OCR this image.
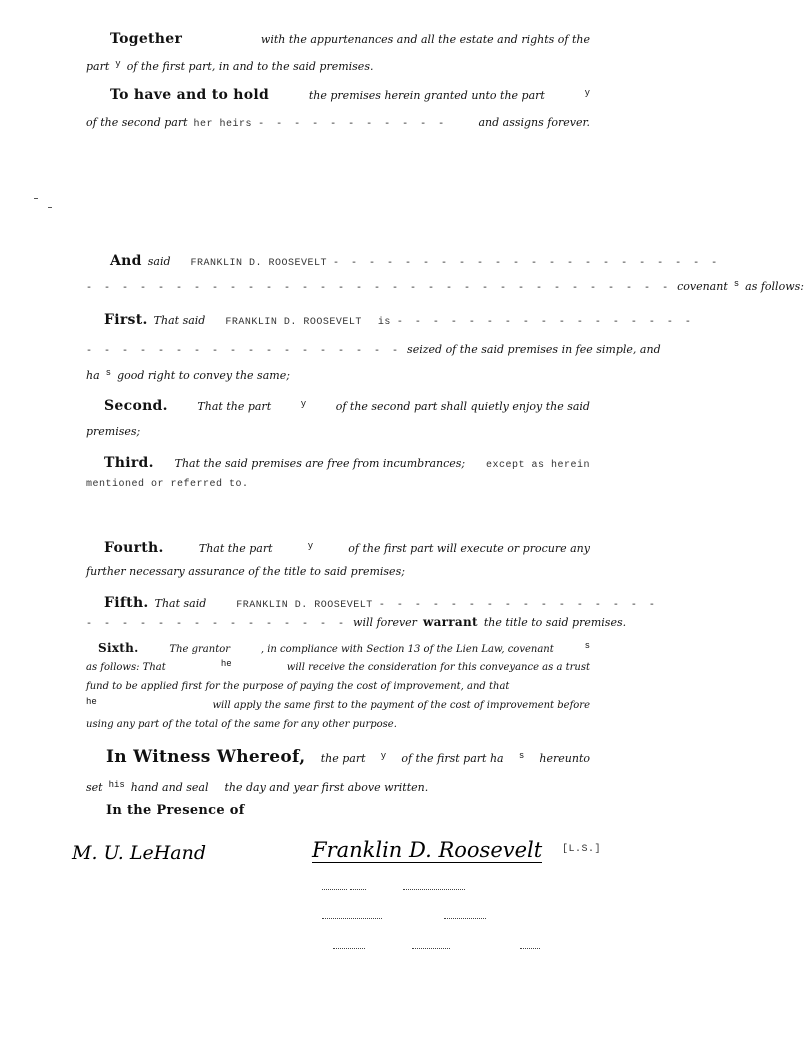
Together	with the appurtenances and all the estate and rights of the
part y of the first part, in and to the said premises.
To have and to hold	the premises herein granted unto the part	y
of the second part her heirs - - - - - - - - - - -	and assigns forever.
And said FRANKLIN D. ROOSEVELT - - - - - - - - - - - - - - - - - - - - - -
- - - - - - - - - - - - - - - - - - - - - - - - - - - - - - - - - covenant s as follows:
First. That said FRANKLIN D. ROOSEVELT is - - - - - - - - - - - - - - - - -
- - - - - - - - - - - - - - - - - - seized of the said premises in fee simple, and
ha s good right to convey the same;
Second.	That the part	y	of the second part shall quietly enjoy the said
premises;
Third. That the said premises are free from incumbrances; except as herein
mentioned or referred to.
Fourth.	That the part	y	of the first part will execute or procure any
further necessary assurance of the title to said premises;
Fifth. That said	FRANKLIN D. ROOSEVELT - - - - - - - - - - - - - - - -
- - - - - - - - - - - - - - - will forever warrant the title to said premises.
Sixth.	The grantor	, in compliance with Section 13 of the Lien Law, covenant	s
as follows: That	he	will receive the consideration for this conveyance as a trust
fund to be applied first for the purpose of paying the cost of improvement, and that
he	will apply the same first to the payment of the cost of improvement before
using any part of the total of the same for any other purpose.
In Witness Whereof, the part y of the first part ha s hereunto
set his hand and seal the day and year first above written.
In the Presence of
M. U. LeHand	Franklin D. Roosevelt [L.S.]
